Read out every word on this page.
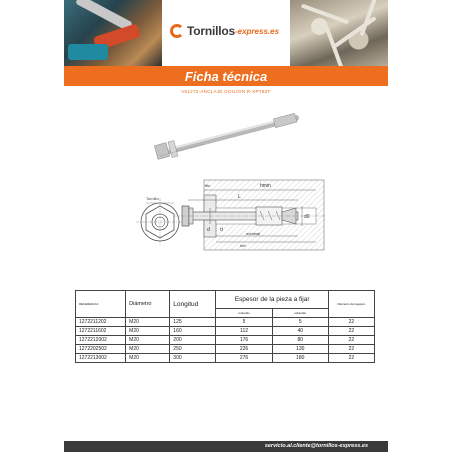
Tornillos -express.es
Ficha técnica
V51272-ANCLAJE GOUJON R-XPT8ZF
Tornillo
tfix	hmin
L
d d
d0
nominal
hef
REFERENCIA	Diámetro	Longitud	Espesor de la pieza a fijar		Diámetro del agujero
			reducido	estándar	
1272211202	M20	125	5	5	22
1272211602	M20	160	112	40	22
1272212002	M20	200	176	80	22
1272202502	M20	250	226	130	22
1272213002	M20	300	276	180	22
servicio.al.cliente@tornillos-express.es
